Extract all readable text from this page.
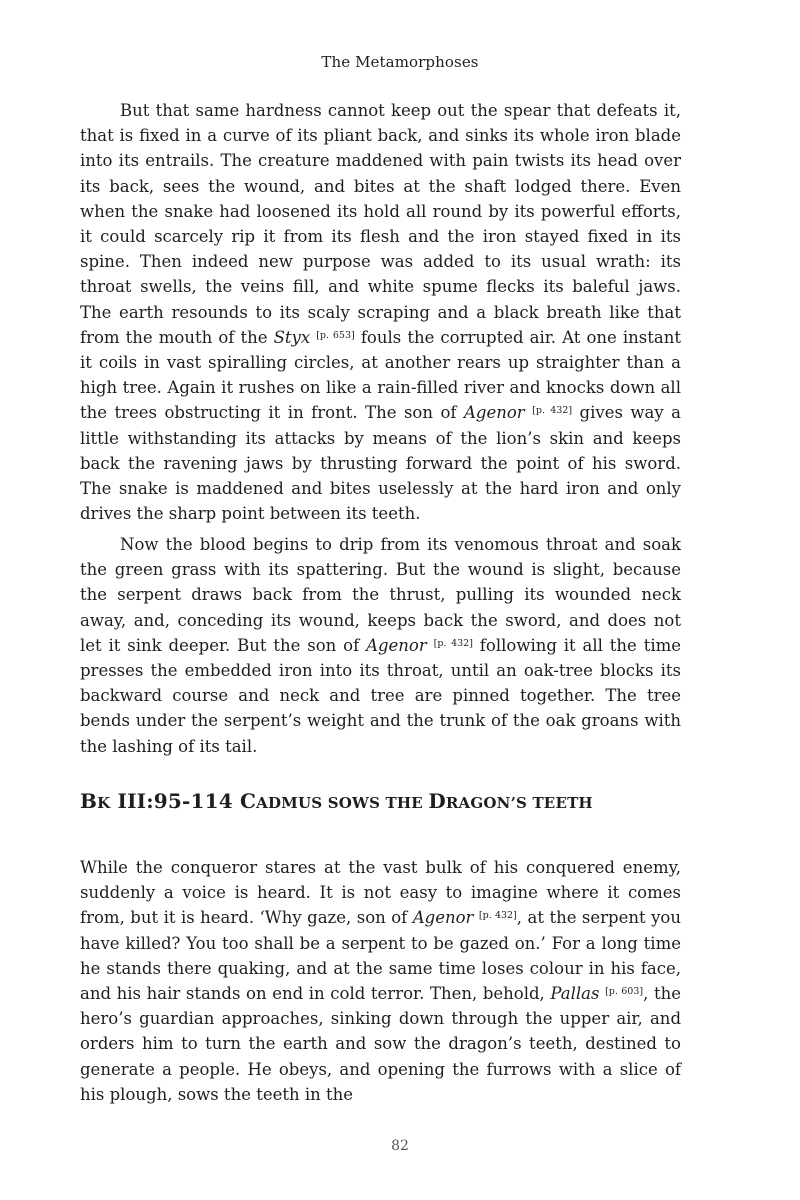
The Metamorphoses

But that same hardness cannot keep out the spear that defeats it, that is fixed in a curve of its pliant back, and sinks its whole iron blade into its entrails. The creature maddened with pain twists its head over its back, sees the wound, and bites at the shaft lodged there. Even when the snake had loosened its hold all round by its powerful efforts, it could scarcely rip it from its flesh and the iron stayed fixed in its spine. Then indeed new purpose was added to its usual wrath: its throat swells, the veins fill, and white spume flecks its baleful jaws. The earth resounds to its scaly scraping and a black breath like that from the mouth of the Styx [p. 653] fouls the corrupted air. At one instant it coils in vast spiralling circles, at another rears up straighter than a high tree. Again it rushes on like a rain-filled river and knocks down all the trees obstructing it in front. The son of Agenor [p. 432] gives way a little withstanding its attacks by means of the lion’s skin and keeps back the ravening jaws by thrusting forward the point of his sword. The snake is maddened and bites uselessly at the hard iron and only drives the sharp point between its teeth.

Now the blood begins to drip from its venomous throat and soak the green grass with its spattering. But the wound is slight, because the serpent draws back from the thrust, pulling its wounded neck away, and, conceding its wound, keeps back the sword, and does not let it sink deeper. But the son of Agenor [p. 432] following it all the time presses the embedded iron into its throat, until an oak-tree blocks its backward course and neck and tree are pinned together. The tree bends under the serpent’s weight and the trunk of the oak groans with the lashing of its tail.

BK III:95-114 CADMUS SOWS THE DRAGON’S TEETH

While the conqueror stares at the vast bulk of his conquered enemy, suddenly a voice is heard. It is not easy to imagine where it comes from, but it is heard. ‘Why gaze, son of Agenor [p. 432], at the serpent you have killed? You too shall be a serpent to be gazed on.’ For a long time he stands there quaking, and at the same time loses colour in his face, and his hair stands on end in cold terror. Then, behold, Pallas [p. 603], the hero’s guardian approaches, sinking down through the upper air, and orders him to turn the earth and sow the dragon’s teeth, destined to generate a people. He obeys, and opening the furrows with a slice of his plough, sows the teeth in the

82
